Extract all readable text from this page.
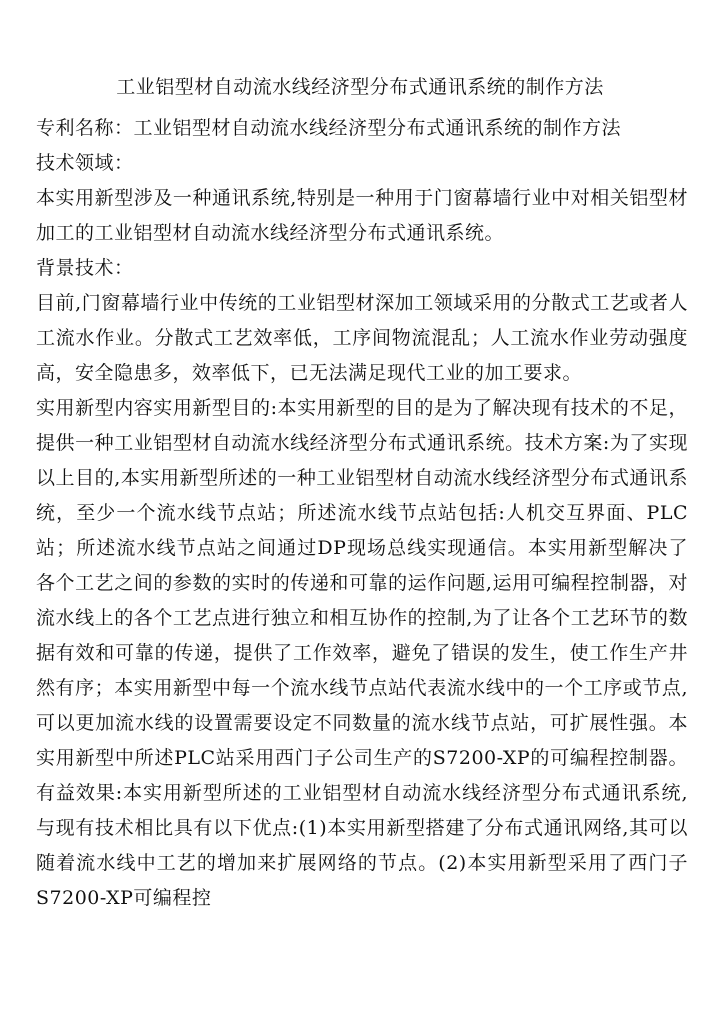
工业铝型材自动流水线经济型分布式通讯系统的制作方法

专利名称：工业铝型材自动流水线经济型分布式通讯系统的制作方法

技术领域：

本实用新型涉及一种通讯系统,特别是一种用于门窗幕墙行业中对相关铝型材加工的工业铝型材自动流水线经济型分布式通讯系统。

背景技术：

目前,门窗幕墙行业中传统的工业铝型材深加工领域采用的分散式工艺或者人工流水作业。分散式工艺效率低，工序间物流混乱；人工流水作业劳动强度高，安全隐患多，效率低下，已无法满足现代工业的加工要求。

实用新型内容实用新型目的:本实用新型的目的是为了解决现有技术的不足，提供一种工业铝型材自动流水线经济型分布式通讯系统。技术方案:为了实现以上目的,本实用新型所述的一种工业铝型材自动流水线经济型分布式通讯系统，至少一个流水线节点站；所述流水线节点站包括:人机交互界面、PLC站；所述流水线节点站之间通过DP现场总线实现通信。本实用新型解决了各个工艺之间的参数的实时的传递和可靠的运作问题,运用可编程控制器，对流水线上的各个工艺点进行独立和相互协作的控制,为了让各个工艺环节的数据有效和可靠的传递，提供了工作效率，避免了错误的发生，使工作生产井然有序；本实用新型中每一个流水线节点站代表流水线中的一个工序或节点,可以更加流水线的设置需要设定不同数量的流水线节点站，可扩展性强。本实用新型中所述PLC站采用西门子公司生产的S7200-XP的可编程控制器。有益效果:本实用新型所述的工业铝型材自动流水线经济型分布式通讯系统,与现有技术相比具有以下优点:(1)本实用新型搭建了分布式通讯网络,其可以随着流水线中工艺的增加来扩展网络的节点。(2)本实用新型采用了西门子S7200-XP可编程控
